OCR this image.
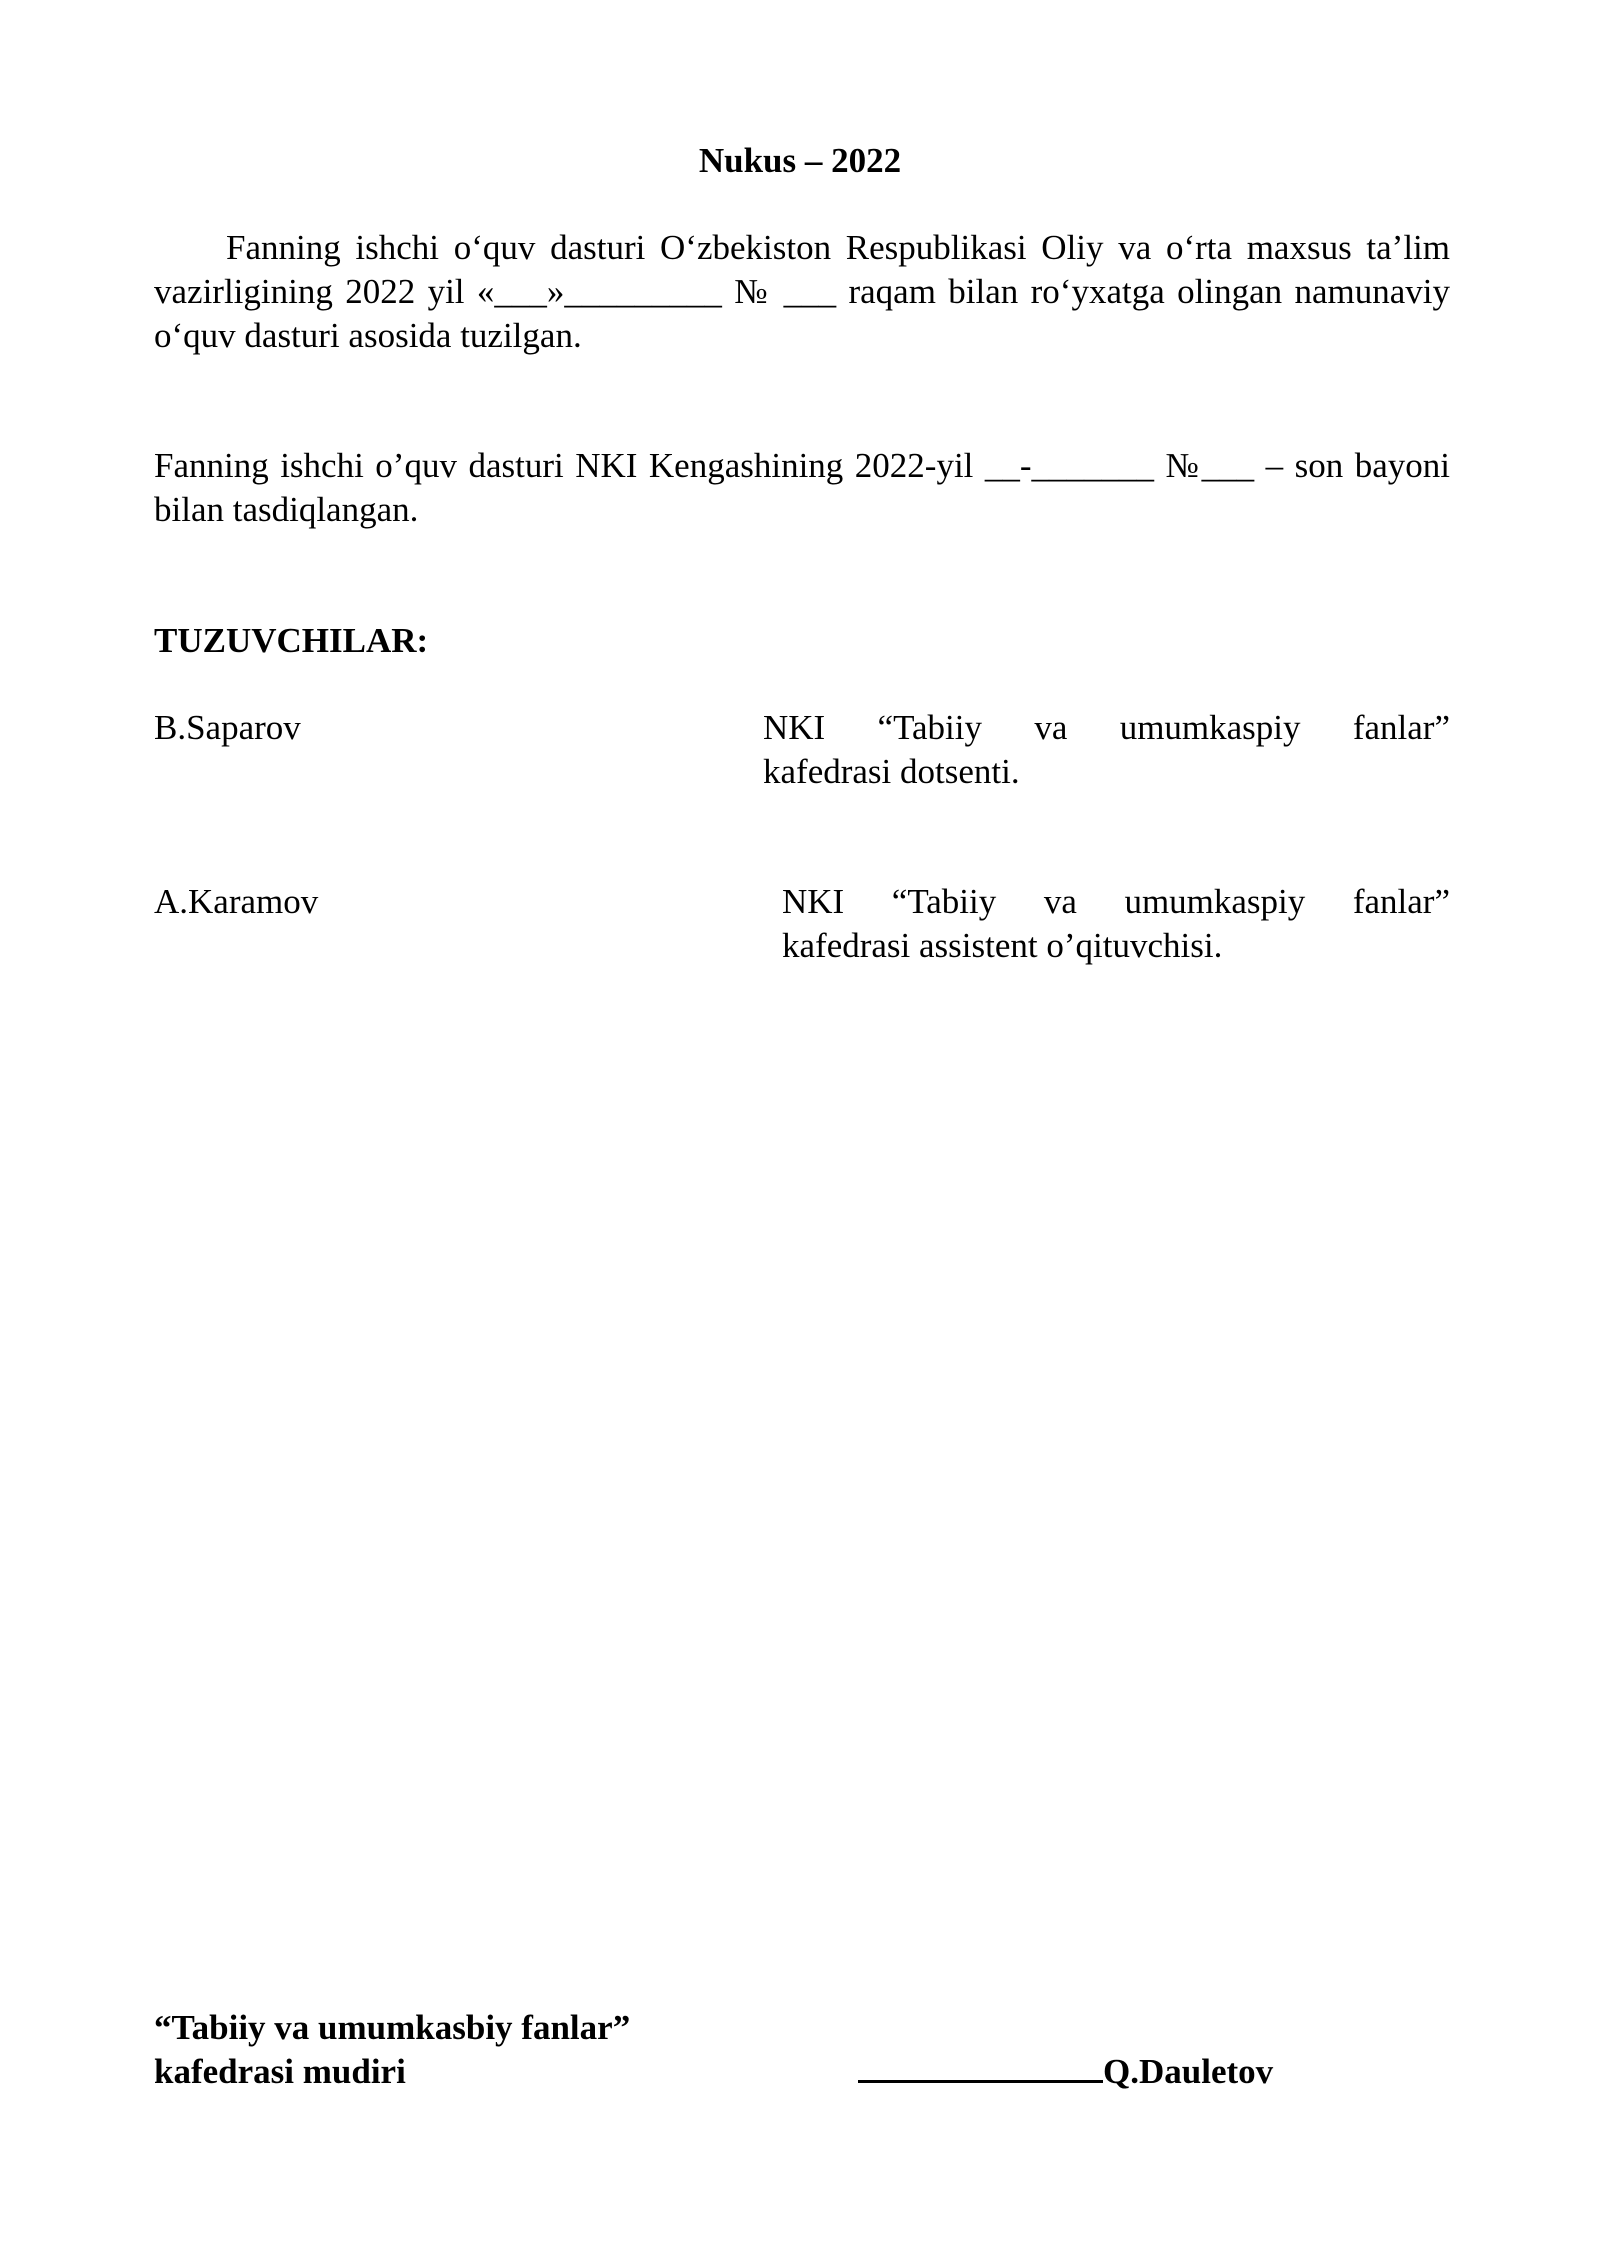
Nukus – 2022
Fanning ishchi o‘quv dasturi O‘zbekiston Respublikasi Oliy va o‘rta maxsus ta’lim vazirligining 2022 yil «___»_________ № ___ raqam bilan ro‘yxatga olingan namunaviy o‘quv dasturi asosida tuzilgan.
Fanning ishchi o’quv dasturi NKI Kengashining 2022-yil __-_______ №___ – son bayoni bilan tasdiqlangan.
TUZUVCHILAR:
B.Saparov	NKI “Tabiiy va umumkaspiy fanlar”
kafedrasi dotsenti.
A.Karamov	NKI “Tabiiy va umumkaspiy fanlar”
kafedrasi assistent o’qituvchisi.
“Tabiiy va umumkasbiy fanlar”
kafedrasi mudiri	Q.Dauletov
